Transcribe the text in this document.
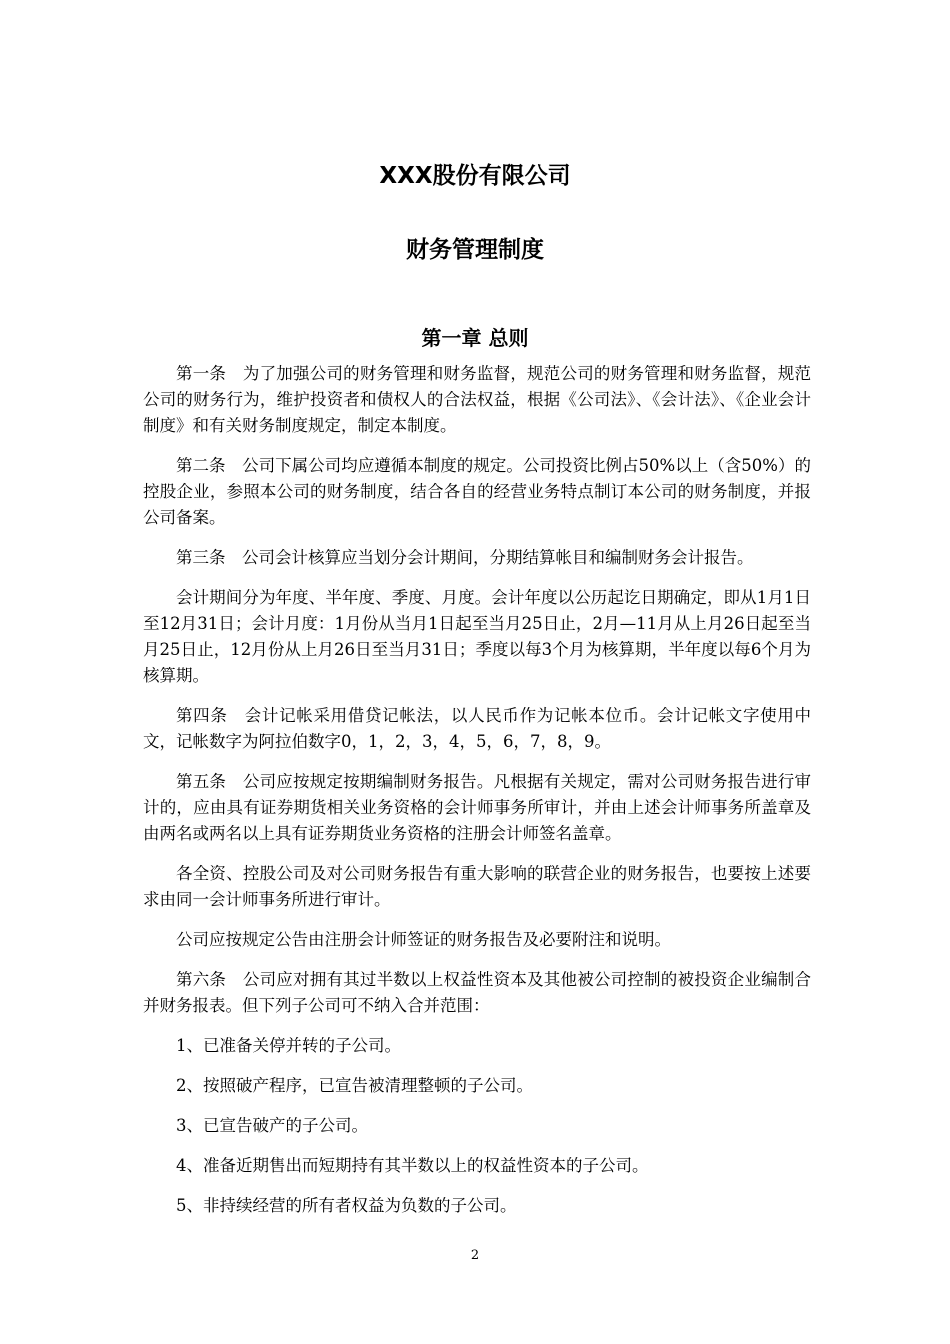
XXX股份有限公司
财务管理制度
第一章 总则

第一条　为了加强公司的财务管理和财务监督，规范公司的财务管理和财务监督，规范公司的财务行为，维护投资者和债权人的合法权益，根据《公司法》、《会计法》、《企业会计制度》和有关财务制度规定，制定本制度。

第二条　公司下属公司均应遵循本制度的规定。公司投资比例占50%以上（含50%）的控股企业，参照本公司的财务制度，结合各自的经营业务特点制订本公司的财务制度，并报公司备案。

第三条　公司会计核算应当划分会计期间，分期结算帐目和编制财务会计报告。

会计期间分为年度、半年度、季度、月度。会计年度以公历起讫日期确定，即从1月1日至12月31日；会计月度：1月份从当月1日起至当月25日止，2月—11月从上月26日起至当月25日止，12月份从上月26日至当月31日；季度以每3个月为核算期，半年度以每6个月为核算期。

第四条　会计记帐采用借贷记帐法，以人民币作为记帐本位币。会计记帐文字使用中文，记帐数字为阿拉伯数字0，1，2，3，4，5，6，7，8，9。

第五条　公司应按规定按期编制财务报告。凡根据有关规定，需对公司财务报告进行审计的，应由具有证券期货相关业务资格的会计师事务所审计，并由上述会计师事务所盖章及由两名或两名以上具有证券期货业务资格的注册会计师签名盖章。

各全资、控股公司及对公司财务报告有重大影响的联营企业的财务报告，也要按上述要求由同一会计师事务所进行审计。

公司应按规定公告由注册会计师签证的财务报告及必要附注和说明。

第六条　公司应对拥有其过半数以上权益性资本及其他被公司控制的被投资企业编制合并财务报表。但下列子公司可不纳入合并范围：

1、已准备关停并转的子公司。

2、按照破产程序，已宣告被清理整顿的子公司。

3、已宣告破产的子公司。

4、准备近期售出而短期持有其半数以上的权益性资本的子公司。

5、非持续经营的所有者权益为负数的子公司。

2
